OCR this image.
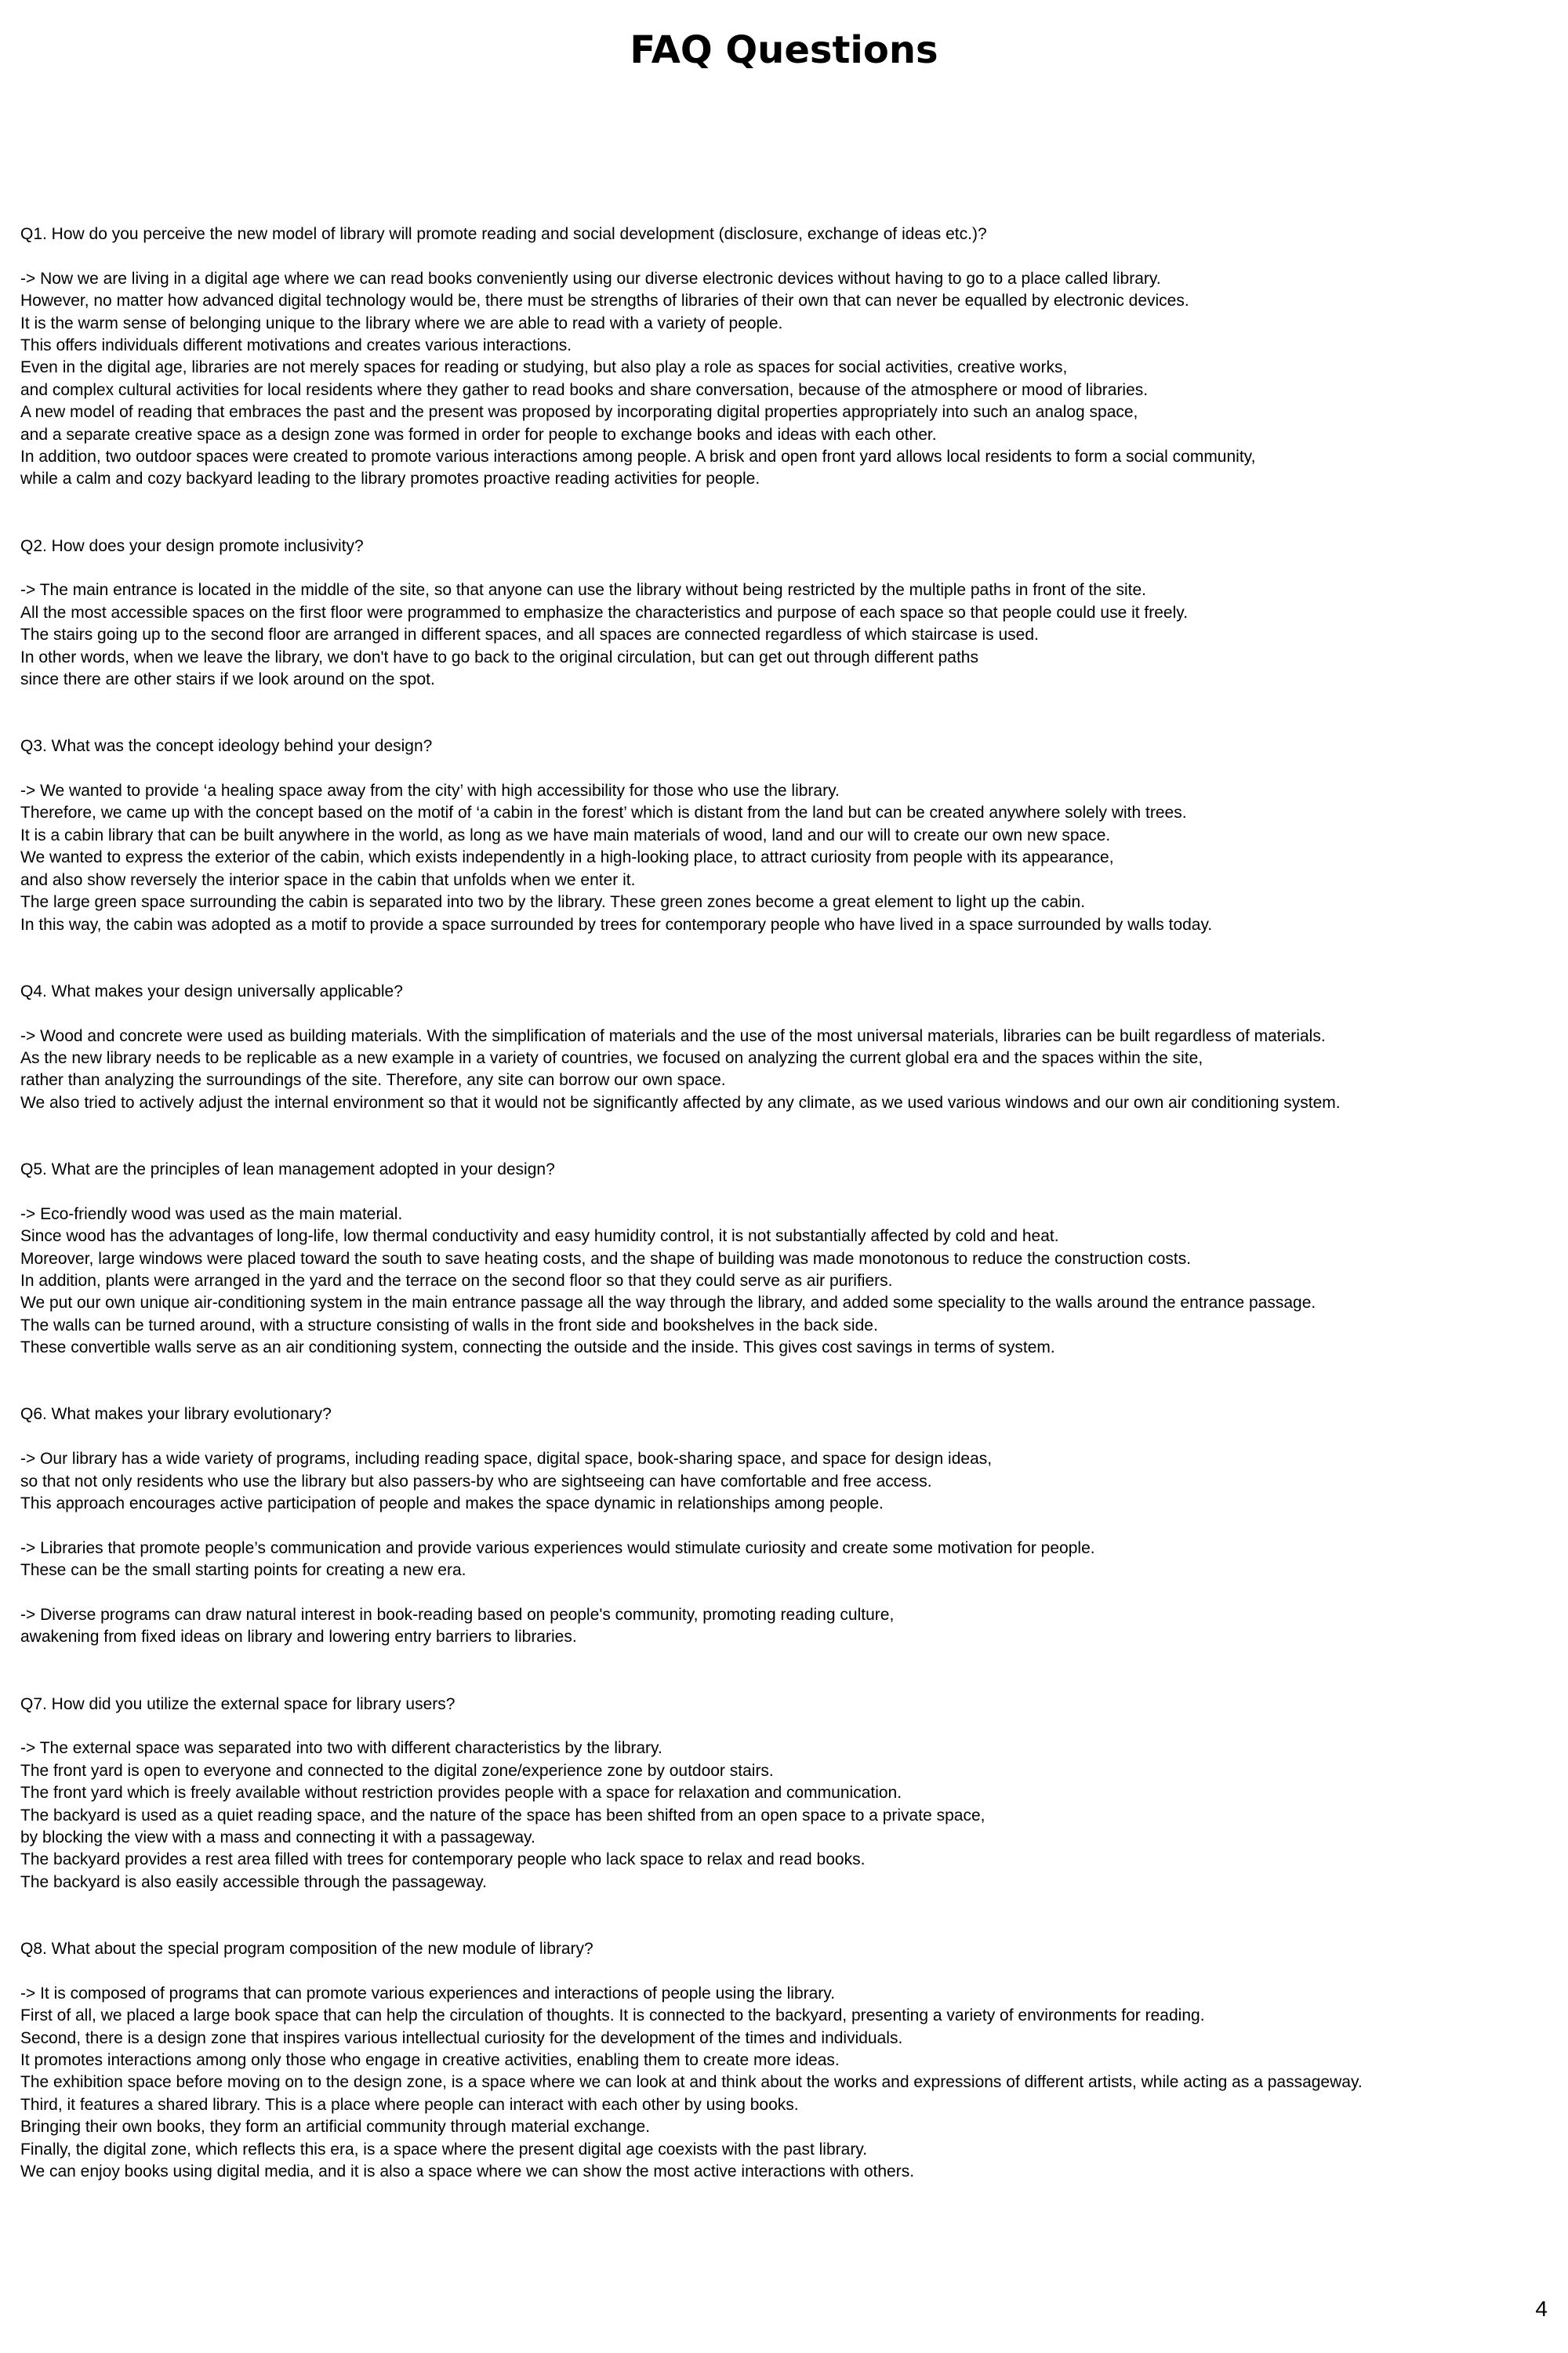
FAQ Questions
Q1. How do you perceive the new model of library will promote reading and social development (disclosure, exchange of ideas etc.)?
-> Now we are living in a digital age where we can read books conveniently using our diverse electronic devices without having to go to a place called library.
However, no matter how advanced digital technology would be, there must be strengths of libraries of their own that can never be equalled by electronic devices.
It is the warm sense of belonging unique to the library where we are able to read with a variety of people.
This offers individuals different motivations and creates various interactions.
Even in the digital age, libraries are not merely spaces for reading or studying, but also play a role as spaces for social activities, creative works,
and complex cultural activities for local residents where they gather to read books and share conversation, because of the atmosphere or mood of libraries.
A new model of reading that embraces the past and the present was proposed by incorporating digital properties appropriately into such an analog space,
and a separate creative space as a design zone was formed in order for people to exchange books and ideas with each other.
In addition, two outdoor spaces were created to promote various interactions among people. A brisk and open front yard allows local residents to form a social community,
while a calm and cozy backyard leading to the library promotes proactive reading activities for people.
Q2. How does your design promote inclusivity?
-> The main entrance is located in the middle of the site, so that anyone can use the library without being restricted by the multiple paths in front of the site.
All the most accessible spaces on the first floor were programmed to emphasize the characteristics and purpose of each space so that people could use it freely.
The stairs going up to the second floor are arranged in different spaces, and all spaces are connected regardless of which staircase is used.
In other words, when we leave the library, we don't have to go back to the original circulation, but can get out through different paths
since there are other stairs if we look around on the spot.
Q3. What was the concept ideology behind your design?
-> We wanted to provide ‘a healing space away from the city’ with high accessibility for those who use the library.
Therefore, we came up with the concept based on the motif of ‘a cabin in the forest’ which is distant from the land but can be created anywhere solely with trees.
It is a cabin library that can be built anywhere in the world, as long as we have main materials of wood, land and our will to create our own new space.
We wanted to express the exterior of the cabin, which exists independently in a high-looking place, to attract curiosity from people with its appearance,
and also show reversely the interior space in the cabin that unfolds when we enter it.
The large green space surrounding the cabin is separated into two by the library. These green zones become a great element to light up the cabin.
In this way, the cabin was adopted as a motif to provide a space surrounded by trees for contemporary people who have lived in a space surrounded by walls today.
Q4. What makes your design universally applicable?
-> Wood and concrete were used as building materials. With the simplification of materials and the use of the most universal materials, libraries can be built regardless of materials.
As the new library needs to be replicable as a new example in a variety of countries, we focused on analyzing the current global era and the spaces within the site,
rather than analyzing the surroundings of the site. Therefore, any site can borrow our own space.
We also tried to actively adjust the internal environment so that it would not be significantly affected by any climate, as we used various windows and our own air conditioning system.
Q5. What are the principles of lean management adopted in your design?
-> Eco-friendly wood was used as the main material.
Since wood has the advantages of long-life, low thermal conductivity and easy humidity control, it is not substantially affected by cold and heat.
Moreover, large windows were placed toward the south to save heating costs, and the shape of building was made monotonous to reduce the construction costs.
In addition, plants were arranged in the yard and the terrace on the second floor so that they could serve as air purifiers.
We put our own unique air-conditioning system in the main entrance passage all the way through the library, and added some speciality to the walls around the entrance passage.
The walls can be turned around, with a structure consisting of walls in the front side and bookshelves in the back side.
These convertible walls serve as an air conditioning system, connecting the outside and the inside. This gives cost savings in terms of system.
Q6. What makes your library evolutionary?
-> Our library has a wide variety of programs, including reading space, digital space, book-sharing space, and space for design ideas,
so that not only residents who use the library but also passers-by who are sightseeing can have comfortable and free access.
This approach encourages active participation of people and makes the space dynamic in relationships among people.
-> Libraries that promote people’s communication and provide various experiences would stimulate curiosity and create some motivation for people.
These can be the small starting points for creating a new era.
-> Diverse programs can draw natural interest in book-reading based on people's community, promoting reading culture,
awakening from fixed ideas on library and lowering entry barriers to libraries.
Q7. How did you utilize the external space for library users?
-> The external space was separated into two with different characteristics by the library.
The front yard is open to everyone and connected to the digital zone/experience zone by outdoor stairs.
The front yard which is freely available without restriction provides people with a space for relaxation and communication.
The backyard is used as a quiet reading space, and the nature of the space has been shifted from an open space to a private space,
by blocking the view with a mass and connecting it with a passageway.
The backyard provides a rest area filled with trees for contemporary people who lack space to relax and read books.
The backyard is also easily accessible through the passageway.
Q8. What about the special program composition of the new module of library?
-> It is composed of programs that can promote various experiences and interactions of people using the library.
First of all, we placed a large book space that can help the circulation of thoughts. It is connected to the backyard, presenting a variety of environments for reading.
Second, there is a design zone that inspires various intellectual curiosity for the development of the times and individuals.
It promotes interactions among only those who engage in creative activities, enabling them to create more ideas.
The exhibition space before moving on to the design zone, is a space where we can look at and think about the works and expressions of different artists, while acting as a passageway.
Third, it features a shared library. This is a place where people can interact with each other by using books.
Bringing their own books, they form an artificial community through material exchange.
Finally, the digital zone, which reflects this era, is a space where the present digital age coexists with the past library.
We can enjoy books using digital media, and it is also a space where we can show the most active interactions with others.
4
